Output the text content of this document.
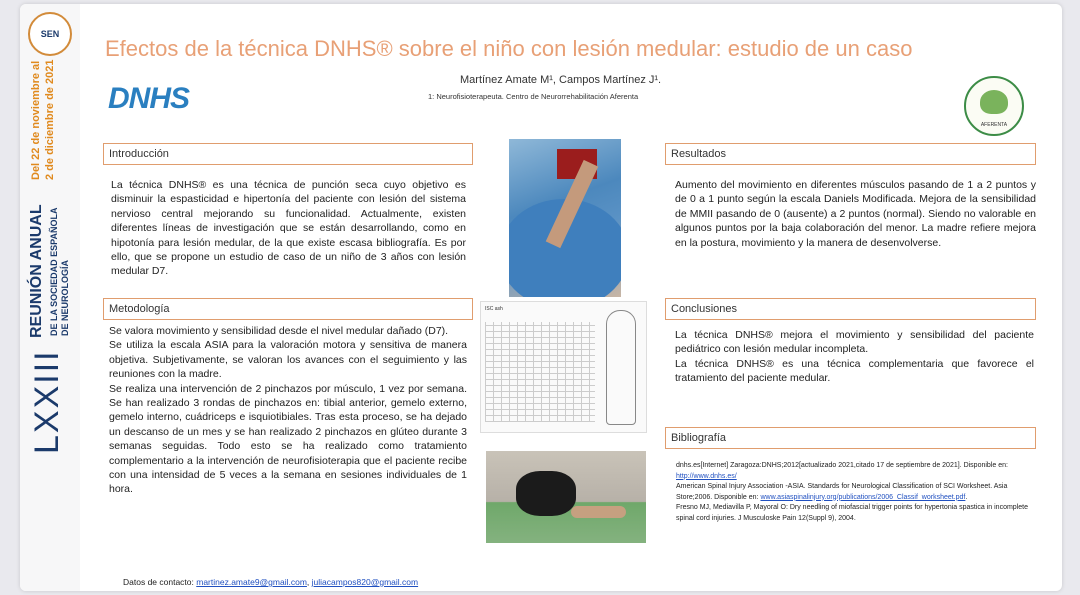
SEN
Del 22 de noviembre al 2 de diciembre de 2021
LXXIII
REUNIÓN ANUAL DE LA SOCIEDAD ESPAÑOLA DE NEUROLOGÍA
Efectos de la técnica DNHS® sobre el niño con lesión medular: estudio de un caso
Martínez Amate M¹, Campos Martínez J¹.
1: Neurofisioterapeuta. Centro de Neurorrehabilitación Aferenta
DNHS
AFERENTA
Introducción
La técnica DNHS® es una técnica de punción seca cuyo objetivo es disminuir la espasticidad e hipertonía del paciente con lesión del sistema nervioso central mejorando su funcionalidad. Actualmente, existen diferentes líneas de investigación que se están desarrollando, como en hipotonía para lesión medular, de la que existe escasa bibliografía. Es por ello, que se propone un estudio de caso de un niño de 3 años con lesión medular D7.
Metodología

Se valora movimiento y sensibilidad desde el nivel medular dañado (D7).

Se utiliza la escala ASIA para la valoración motora y sensitiva de manera objetiva. Subjetivamente, se valoran los avances con el seguimiento y las reuniones con la madre.

Se realiza una intervención de 2 pinchazos por músculo, 1 vez por semana. Se han realizado 3 rondas de pinchazos en: tibial anterior, gemelo externo, gemelo interno, cuádriceps e isquiotibiales. Tras esta proceso, se ha dejado un descanso de un mes y se han realizado 2 pinchazos en glúteo durante 3 semanas seguidas. Todo esto se ha realizado como tratamiento complementario a la intervención de neurofisioterapia que el paciente recibe con una intensidad de 5 veces a la semana en sesiones individuales de 1 hora.

ISC ash
Resultados
Aumento del movimiento en diferentes músculos pasando de 1 a 2 puntos y de 0 a 1 punto según la escala Daniels Modificada. Mejora de la sensibilidad de MMII pasando de 0 (ausente) a 2 puntos (normal). Siendo no valorable en algunos puntos por la baja colaboración del menor. La madre refiere mejora en la postura, movimiento y la manera de desenvolverse.
Conclusiones

La técnica DNHS® mejora el movimiento y sensibilidad del paciente pediátrico con lesión medular incompleta.

La técnica DNHS® es una técnica complementaria que favorece el tratamiento del paciente medular.

Bibliografía

dnhs.es[Internet] Zaragoza:DNHS;2012[actualizado 2021,citado 17 de septiembre de 2021]. Disponible en: http://www.dnhs.es/

American Spinal Injury Association -ASIA. Standards for Neurological Classification of SCI Worksheet. Asia Store;2006. Disponible en: www.asiaspinalinjury.org/publications/2006_Classif_worksheet.pdf.

Fresno MJ, Mediavilla P, Mayoral O: Dry needling of miofascial trigger points for hypertonia spastica in incomplete spinal cord injuries. J Musculoske Pain 12(Suppl 9), 2004.

Datos de contacto: martinez.amate9@gmail.com, juliacampos820@gmail.com
